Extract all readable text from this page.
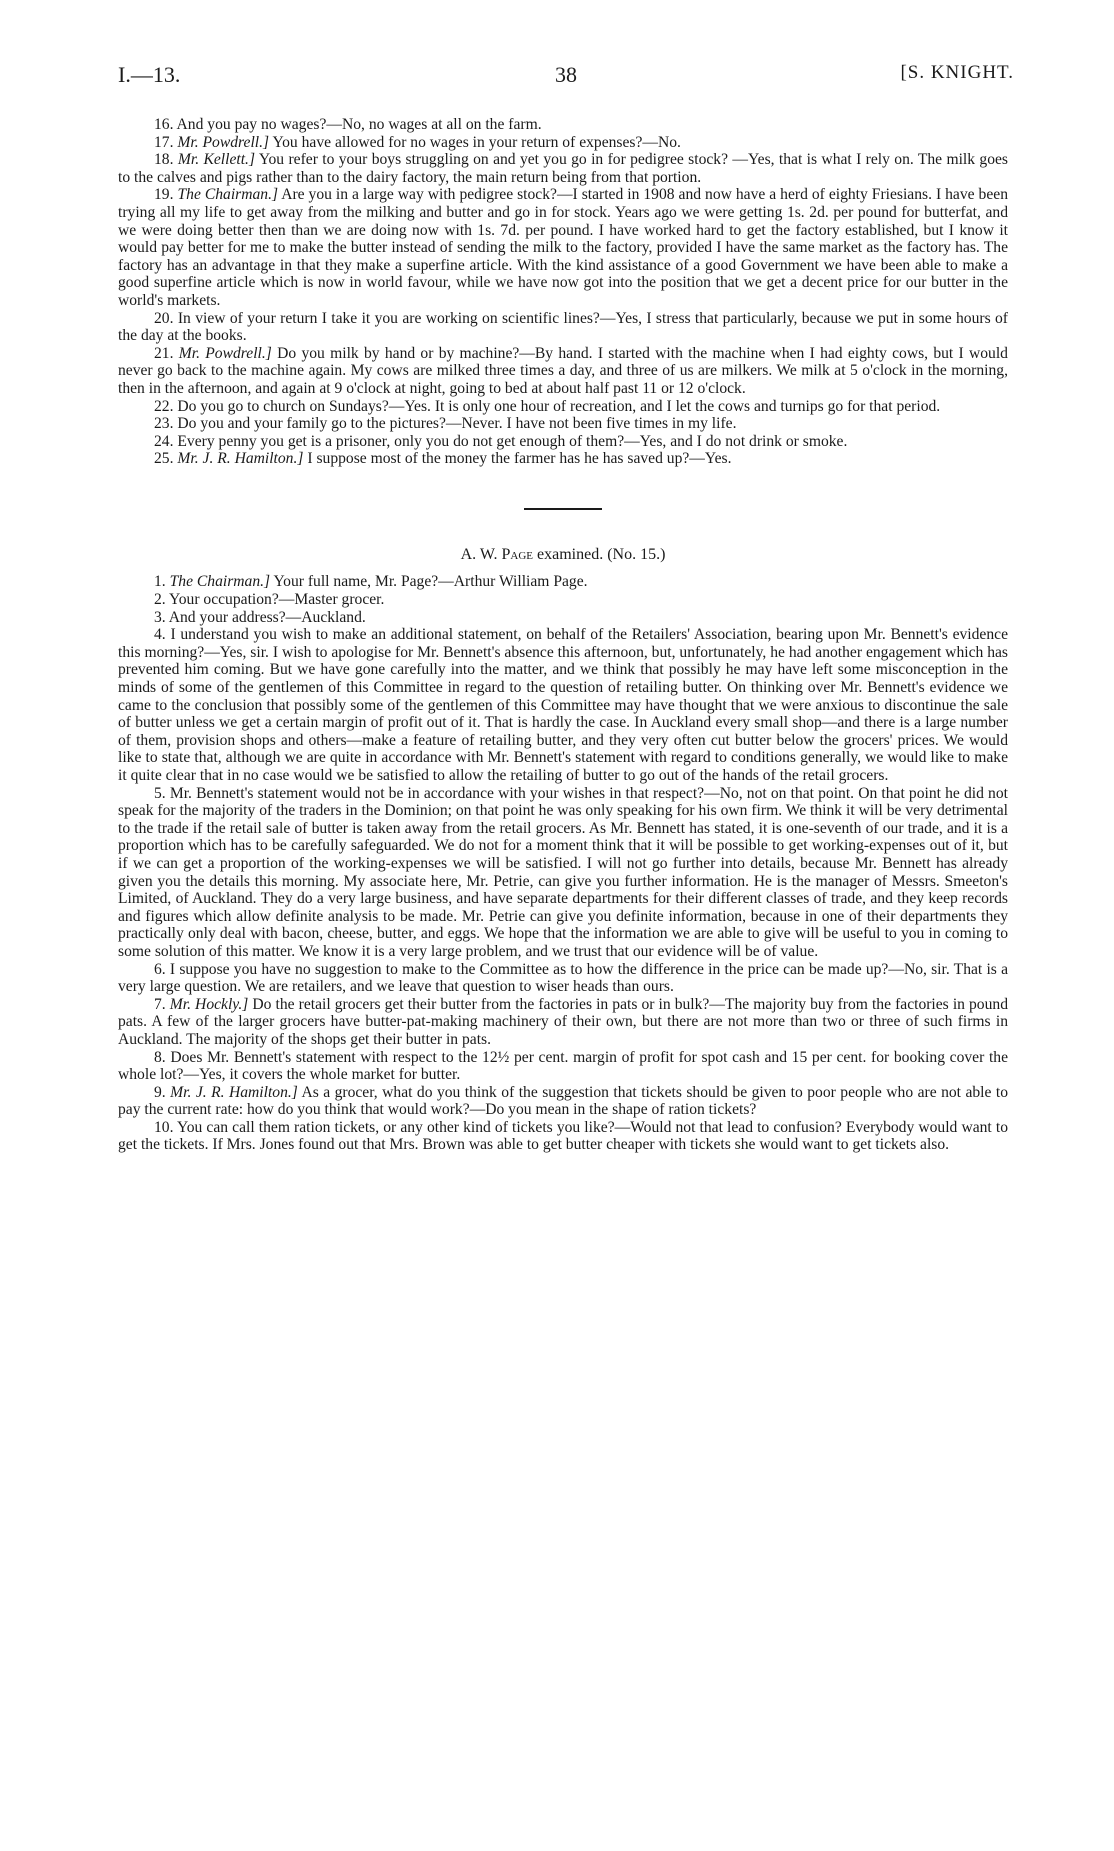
I.—13.	38	[S. KNIGHT.

16. And you pay no wages?—No, no wages at all on the farm.

17. Mr. Powdrell.] You have allowed for no wages in your return of expenses?—No.

18. Mr. Kellett.] You refer to your boys struggling on and yet you go in for pedigree stock? —Yes, that is what I rely on. The milk goes to the calves and pigs rather than to the dairy factory, the main return being from that portion.

19. The Chairman.] Are you in a large way with pedigree stock?—I started in 1908 and now have a herd of eighty Friesians. I have been trying all my life to get away from the milking and butter and go in for stock. Years ago we were getting 1s. 2d. per pound for butterfat, and we were doing better then than we are doing now with 1s. 7d. per pound. I have worked hard to get the factory established, but I know it would pay better for me to make the butter instead of sending the milk to the factory, provided I have the same market as the factory has. The factory has an advantage in that they make a superfine article. With the kind assistance of a good Government we have been able to make a good superfine article which is now in world favour, while we have now got into the position that we get a decent price for our butter in the world's markets.

20. In view of your return I take it you are working on scientific lines?—Yes, I stress that particularly, because we put in some hours of the day at the books.

21. Mr. Powdrell.] Do you milk by hand or by machine?—By hand. I started with the machine when I had eighty cows, but I would never go back to the machine again. My cows are milked three times a day, and three of us are milkers. We milk at 5 o'clock in the morning, then in the afternoon, and again at 9 o'clock at night, going to bed at about half past 11 or 12 o'clock.

22. Do you go to church on Sundays?—Yes. It is only one hour of recreation, and I let the cows and turnips go for that period.

23. Do you and your family go to the pictures?—Never. I have not been five times in my life.

24. Every penny you get is a prisoner, only you do not get enough of them?—Yes, and I do not drink or smoke.

25. Mr. J. R. Hamilton.] I suppose most of the money the farmer has he has saved up?—Yes.

A. W. Page examined. (No. 15.)

1. The Chairman.] Your full name, Mr. Page?—Arthur William Page.

2. Your occupation?—Master grocer.

3. And your address?—Auckland.

4. I understand you wish to make an additional statement, on behalf of the Retailers' Association, bearing upon Mr. Bennett's evidence this morning?—Yes, sir. I wish to apologise for Mr. Bennett's absence this afternoon, but, unfortunately, he had another engagement which has prevented him coming. But we have gone carefully into the matter, and we think that possibly he may have left some misconception in the minds of some of the gentlemen of this Committee in regard to the question of retailing butter. On thinking over Mr. Bennett's evidence we came to the conclusion that possibly some of the gentlemen of this Committee may have thought that we were anxious to discontinue the sale of butter unless we get a certain margin of profit out of it. That is hardly the case. In Auckland every small shop—and there is a large number of them, provision shops and others—make a feature of retailing butter, and they very often cut butter below the grocers' prices. We would like to state that, although we are quite in accordance with Mr. Bennett's statement with regard to conditions generally, we would like to make it quite clear that in no case would we be satisfied to allow the retailing of butter to go out of the hands of the retail grocers.

5. Mr. Bennett's statement would not be in accordance with your wishes in that respect?—No, not on that point. On that point he did not speak for the majority of the traders in the Dominion; on that point he was only speaking for his own firm. We think it will be very detrimental to the trade if the retail sale of butter is taken away from the retail grocers. As Mr. Bennett has stated, it is one-seventh of our trade, and it is a proportion which has to be carefully safeguarded. We do not for a moment think that it will be possible to get working-expenses out of it, but if we can get a proportion of the working-expenses we will be satisfied. I will not go further into details, because Mr. Bennett has already given you the details this morning. My associate here, Mr. Petrie, can give you further information. He is the manager of Messrs. Smeeton's Limited, of Auckland. They do a very large business, and have separate departments for their different classes of trade, and they keep records and figures which allow definite analysis to be made. Mr. Petrie can give you definite information, because in one of their departments they practically only deal with bacon, cheese, butter, and eggs. We hope that the information we are able to give will be useful to you in coming to some solution of this matter. We know it is a very large problem, and we trust that our evidence will be of value.

6. I suppose you have no suggestion to make to the Committee as to how the difference in the price can be made up?—No, sir. That is a very large question. We are retailers, and we leave that question to wiser heads than ours.

7. Mr. Hockly.] Do the retail grocers get their butter from the factories in pats or in bulk?—The majority buy from the factories in pound pats. A few of the larger grocers have butter-pat-making machinery of their own, but there are not more than two or three of such firms in Auckland. The majority of the shops get their butter in pats.

8. Does Mr. Bennett's statement with respect to the 12½ per cent. margin of profit for spot cash and 15 per cent. for booking cover the whole lot?—Yes, it covers the whole market for butter.

9. Mr. J. R. Hamilton.] As a grocer, what do you think of the suggestion that tickets should be given to poor people who are not able to pay the current rate: how do you think that would work?—Do you mean in the shape of ration tickets?

10. You can call them ration tickets, or any other kind of tickets you like?—Would not that lead to confusion? Everybody would want to get the tickets. If Mrs. Jones found out that Mrs. Brown was able to get butter cheaper with tickets she would want to get tickets also.
